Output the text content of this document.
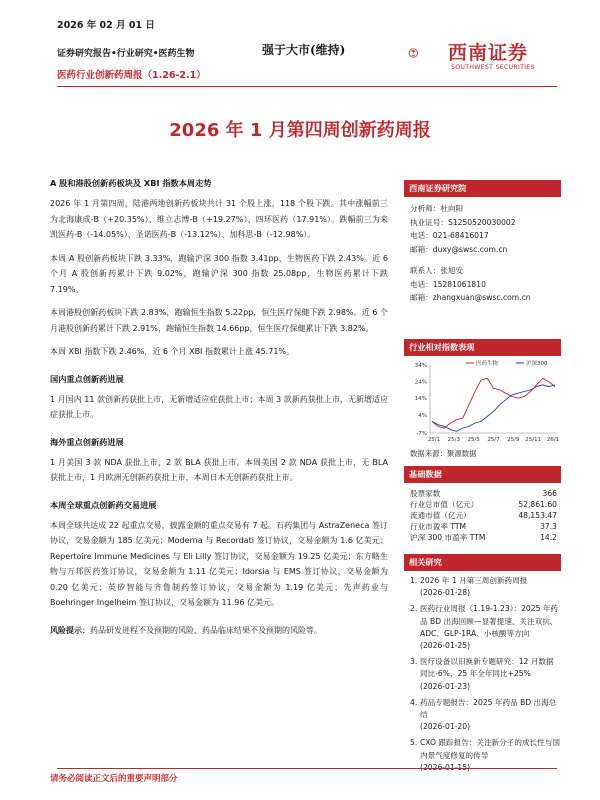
2026 年 02 月 01 日
证券研究报告•行业研究•医药生物
医药行业创新药周报（1.26-2.1）
强于大市(维持)	西南证券
SOUTHWEST SECURITIES
2026 年 1 月第四周创新药周报
A 股和港股创新药板块及 XBI 指数本周走势

2026 年 1 月第四周，陆港两地创新药板块共计 31 个股上涨，118 个股下跌。其中涨幅前三为北海康成-B（+20.35%）、维立志博-B（+19.27%）、四环医药（17.91%）。跌幅前三为来凯医药-B（-14.05%）、圣诺医药-B（-13.12%）、加科思-B（-12.98%）。

本周 A 股创新药板块下跌 3.33%，跑输沪深 300 指数 3.41pp，生物医药下跌 2.43%。近 6 个月 A 股创新药累计下跌 9.02%，跑输沪深 300 指数 25.08pp，生物医药累计下跌 7.19%。

本周港股创新药板块下跌 2.83%，跑输恒生指数 5.22pp，恒生医疗保健下跌 2.98%。近 6 个月港股创新药累计下跌 2.91%，跑输恒生指数 14.66pp，恒生医疗保健累计下跌 3.82%。

本周 XBI 指数下跌 2.46%，近 6 个月 XBI 指数累计上涨 45.71%。

国内重点创新药进展

1 月国内 11 款创新药获批上市，无新增适应症获批上市；本周 3 款新药获批上市，无新增适应症获批上市。

海外重点创新药进展

1 月美国 3 款 NDA 获批上市，2 款 BLA 获批上市。本周美国 2 款 NDA 获批上市，无 BLA 获批上市，1 月欧洲无创新药获批上市，本周日本无创新药获批上市。

本周全球重点创新药交易进展

本周全球共达成 22 起重点交易，披露金额的重点交易有 7 起。石药集团与 AstraZeneca 签订协议，交易金额为 185 亿美元；Moderna 与 Recordati 签订协议，交易金额为 1.6 亿美元；Repertoire Immune Medicines 与 Eli Lilly 签订协议，交易金额为 19.25 亿美元；东方略生物与万邦医药签订协议，交易金额为 1.11 亿美元；Idorsia 与 EMS 签订协议，交易金额为 0.20 亿美元；英矽智能与齐鲁制药签订协议，交易金额为 1.19 亿美元；先声药业与 Boehringer Ingelheim 签订协议，交易金额为 11.96 亿美元。

风险提示：药品研发进程不及预期的风险、药品临床结果不及预期的风险等。

西南证券研究院
分析师：杜向阳
执业证号：S1250520030002
电话：021-68416017
邮箱：duxy@swsc.com.cn
联系人：张旭安
电话：15281061810
邮箱：zhangxuan@swsc.com.cn
行业相对指数表现
34%
24%
14%
4%
-7%
25/1 25/3 25/5 25/7 25/9 25/11 26/1
医药生物	沪深300
数据来源：聚源数据
基础数据
股票家数	366
行业总市值（亿元）	52,861.60
流通市值（亿元）	48,153.47
行业市盈率 TTM	37.3
沪深 300 市盈率 TTM	14.2
相关研究
1. 2026 年 1 月第三周创新药周报
(2026-01-28)
2. 医药行业周报（1.19-1.23）：2025 年药品 BD 出海回顾—显著提速，关注双抗、ADC、GLP-1RA、小核酸等方向
(2026-01-25)
3. 医疗设备以旧换新专题研究：12 月数据同比-6%，25 年全年同比+25%
(2026-01-23)
4. 药品专题报告：2025 年药品 BD 出海总结
(2026-01-20)
5. CXO 跟踪报告：关注新分子的成长性与国内景气度修复的传导
请务必阅读正文后的重要声明部分
